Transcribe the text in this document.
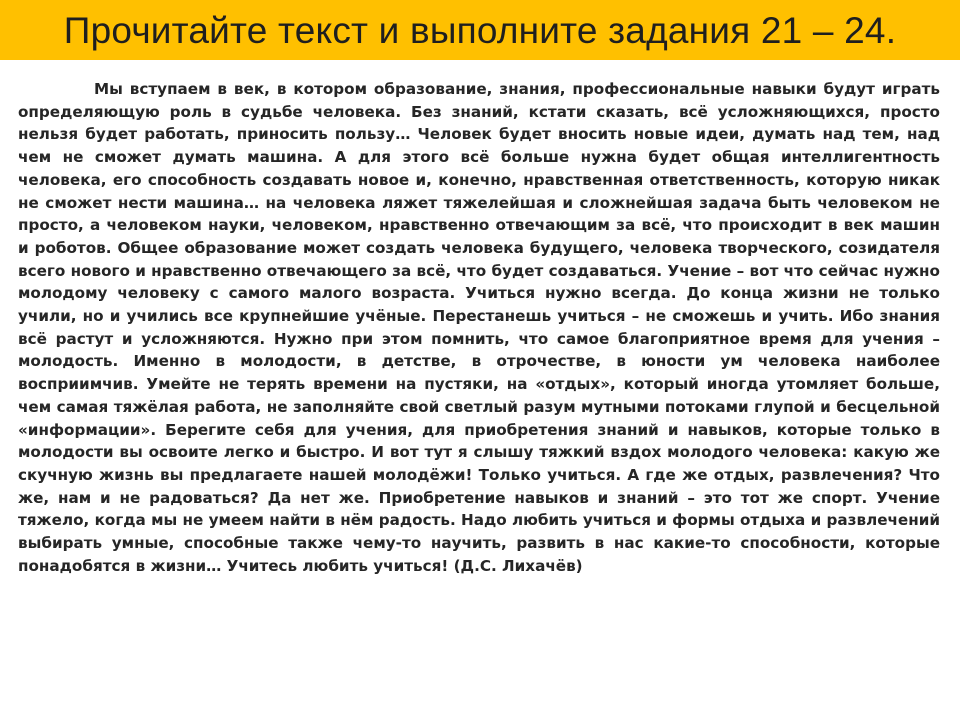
Прочитайте текст и выполните задания 21 – 24.

Мы вступаем в век, в котором образование, знания, профессиональные навыки будут играть определяющую роль в судьбе человека. Без знаний, кстати сказать, всё усложняющихся, просто нельзя будет работать, приносить пользу… Человек будет вносить новые идеи, думать над тем, над чем не сможет думать машина. А для этого всё больше нужна будет общая интеллигентность человека, его способность создавать новое и, конечно, нравственная ответственность, которую никак не сможет нести машина… на человека ляжет тяжелейшая и сложнейшая задача быть человеком не просто, а человеком науки, человеком, нравственно отвечающим за всё, что происходит в век машин и роботов. Общее образование может создать человека будущего, человека творческого, созидателя всего нового и нравственно отвечающего за всё, что будет создаваться. Учение – вот что сейчас нужно молодому человеку с самого малого возраста. Учиться нужно всегда. До конца жизни не только учили, но и учились все крупнейшие учёные. Перестанешь учиться – не сможешь и учить. Ибо знания всё растут и усложняются. Нужно при этом помнить, что самое благоприятное время для учения – молодость. Именно в молодости, в детстве, в отрочестве, в юности ум человека наиболее восприимчив. Умейте не терять времени на пустяки, на «отдых», который иногда утомляет больше, чем самая тяжёлая работа, не заполняйте свой светлый разум мутными потоками глупой и бесцельной «информации». Берегите себя для учения, для приобретения знаний и навыков, которые только в молодости вы освоите легко и быстро. И вот тут я слышу тяжкий вздох молодого человека: какую же скучную жизнь вы предлагаете нашей молодёжи! Только учиться. А где же отдых, развлечения? Что же, нам и не радоваться? Да нет же. Приобретение навыков и знаний – это тот же спорт. Учение тяжело, когда мы не умеем найти в нём радость. Надо любить учиться и формы отдыха и развлечений выбирать умные, способные также чему-то научить, развить в нас какие-то способности, которые понадобятся в жизни… Учитесь любить учиться! (Д.С. Лихачёв)
